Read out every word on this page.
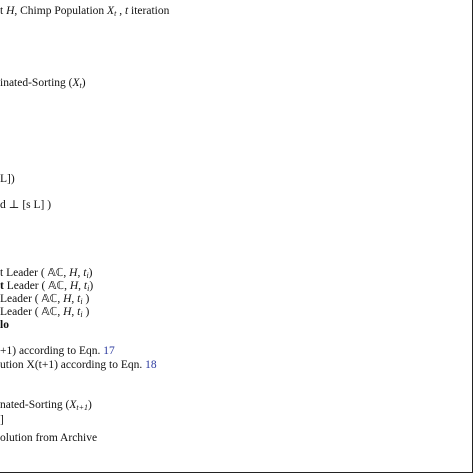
t H, Chimp Population $X_t$ , t iteration
inated-Sorting $(X_t)$
L])
d ⊥ [s L] )
t Leader ( 𝔸ℂ, H, $t_i$)
t Leader ( 𝔸ℂ, H, $t_i$)
Leader ( 𝔸ℂ, H, $t_i$ )
Leader ( 𝔸ℂ, H, $t_i$ )
lo
+1) according to Eqn. 17
ution X(t+1) according to Eqn. 18
nated-Sorting $(X_{t+1})$
]
olution from Archive
